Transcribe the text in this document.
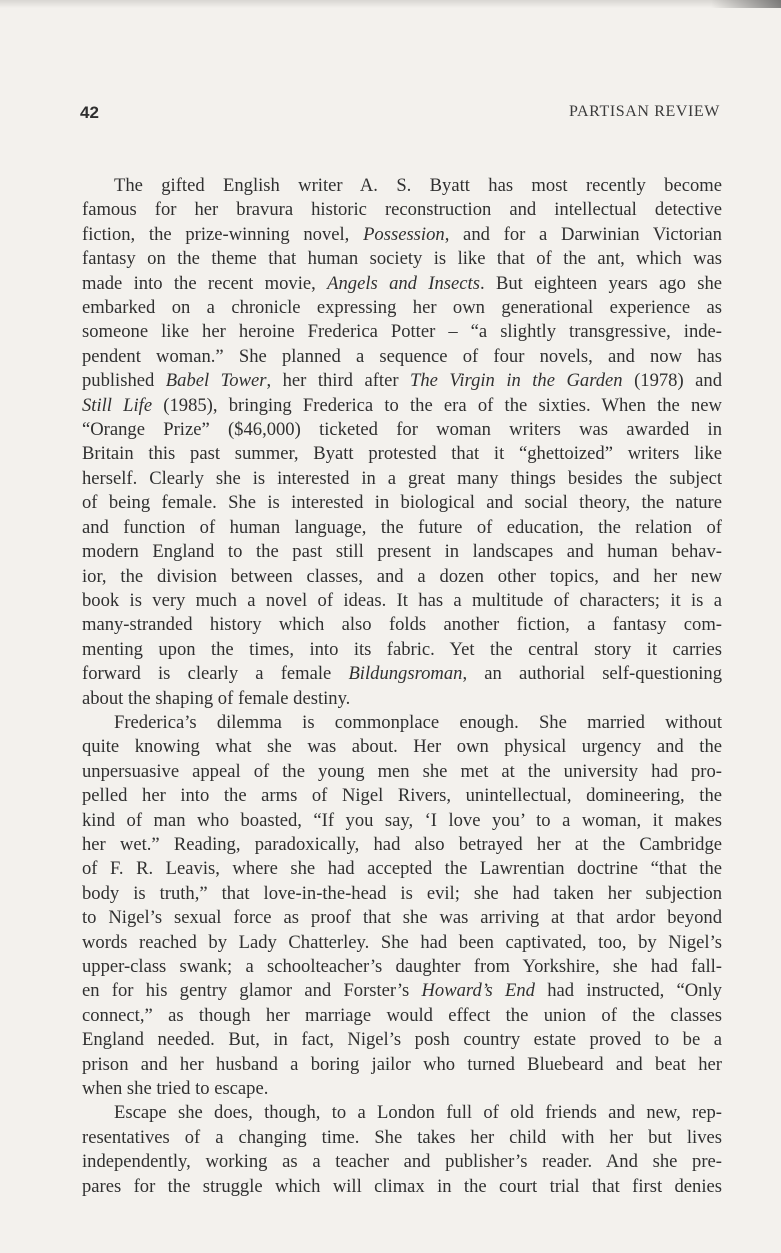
42	PARTISAN REVIEW

The gifted English writer A. S. Byatt has most recently become
famous for her bravura historic reconstruction and intellectual detective
fiction, the prize-winning novel, Possession, and for a Darwinian Victorian
fantasy on the theme that human society is like that of the ant, which was
made into the recent movie, Angels and Insects. But eighteen years ago she
embarked on a chronicle expressing her own generational experience as
someone like her heroine Frederica Potter – “a slightly transgressive, inde-
pendent woman.” She planned a sequence of four novels, and now has
published Babel Tower, her third after The Virgin in the Garden (1978) and
Still Life (1985), bringing Frederica to the era of the sixties. When the new
“Orange Prize” ($46,000) ticketed for woman writers was awarded in
Britain this past summer, Byatt protested that it “ghettoized” writers like
herself. Clearly she is interested in a great many things besides the subject
of being female. She is interested in biological and social theory, the nature
and function of human language, the future of education, the relation of
modern England to the past still present in landscapes and human behav-
ior, the division between classes, and a dozen other topics, and her new
book is very much a novel of ideas. It has a multitude of characters; it is a
many-stranded history which also folds another fiction, a fantasy com-
menting upon the times, into its fabric. Yet the central story it carries
forward is clearly a female Bildungsroman, an authorial self-questioning
about the shaping of female destiny.

Frederica’s dilemma is commonplace enough. She married without
quite knowing what she was about. Her own physical urgency and the
unpersuasive appeal of the young men she met at the university had pro-
pelled her into the arms of Nigel Rivers, unintellectual, domineering, the
kind of man who boasted, “If you say, ‘I love you’ to a woman, it makes
her wet.” Reading, paradoxically, had also betrayed her at the Cambridge
of F. R. Leavis, where she had accepted the Lawrentian doctrine “that the
body is truth,” that love-in-the-head is evil; she had taken her subjection
to Nigel’s sexual force as proof that she was arriving at that ardor beyond
words reached by Lady Chatterley. She had been captivated, too, by Nigel’s
upper-class swank; a schoolteacher’s daughter from Yorkshire, she had fall-
en for his gentry glamor and Forster’s Howard’s End had instructed, “Only
connect,” as though her marriage would effect the union of the classes
England needed. But, in fact, Nigel’s posh country estate proved to be a
prison and her husband a boring jailor who turned Bluebeard and beat her
when she tried to escape.

Escape she does, though, to a London full of old friends and new, rep-
resentatives of a changing time. She takes her child with her but lives
independently, working as a teacher and publisher’s reader. And she pre-
pares for the struggle which will climax in the court trial that first denies
